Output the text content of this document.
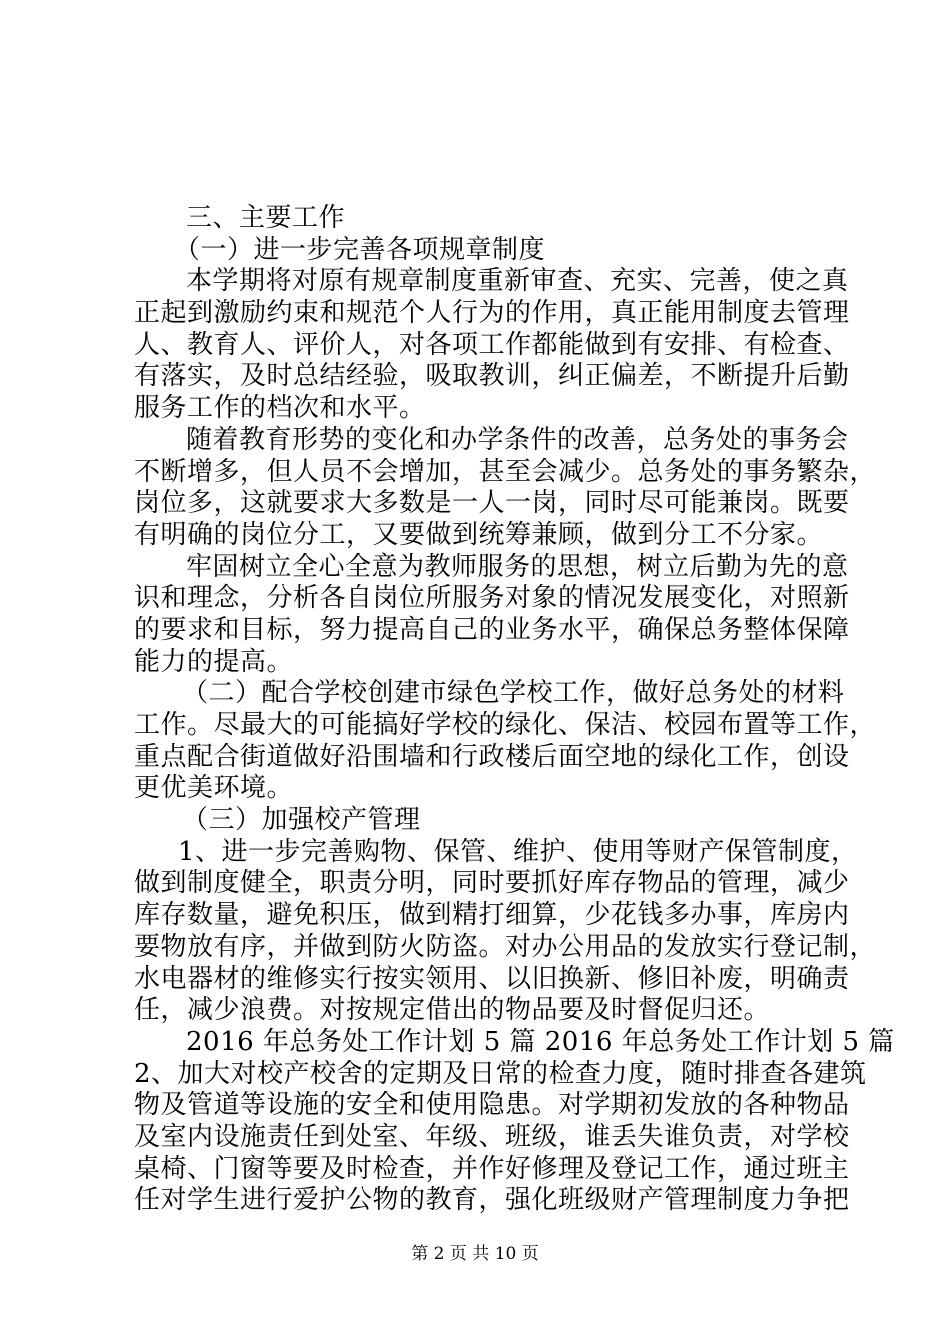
三、主要工作
（一）进一步完善各项规章制度
本学期将对原有规章制度重新审查、充实、完善，使之真
正起到激励约束和规范个人行为的作用，真正能用制度去管理
人、教育人、评价人，对各项工作都能做到有安排、有检查、
有落实，及时总结经验，吸取教训，纠正偏差，不断提升后勤
服务工作的档次和水平。
随着教育形势的变化和办学条件的改善，总务处的事务会
不断增多，但人员不会增加，甚至会减少。总务处的事务繁杂，
岗位多，这就要求大多数是一人一岗，同时尽可能兼岗。既要
有明确的岗位分工，又要做到统筹兼顾，做到分工不分家。
牢固树立全心全意为教师服务的思想，树立后勤为先的意
识和理念，分析各自岗位所服务对象的情况发展变化，对照新
的要求和目标，努力提高自己的业务水平，确保总务整体保障
能力的提高。
（二）配合学校创建市绿色学校工作，做好总务处的材料
工作。尽最大的可能搞好学校的绿化、保洁、校园布置等工作，
重点配合街道做好沿围墙和行政楼后面空地的绿化工作，创设
更优美环境。
（三）加强校产管理
1、进一步完善购物、保管、维护、使用等财产保管制度，
做到制度健全，职责分明，同时要抓好库存物品的管理，减少
库存数量，避免积压，做到精打细算，少花钱多办事，库房内
要物放有序，并做到防火防盗。对办公用品的发放实行登记制，
水电器材的维修实行按实领用、以旧换新、修旧补废，明确责
任，减少浪费。对按规定借出的物品要及时督促归还。
2016 年总务处工作计划 5 篇 2016 年总务处工作计划 5 篇
2、加大对校产校舍的定期及日常的检查力度，随时排查各建筑
物及管道等设施的安全和使用隐患。对学期初发放的各种物品
及室内设施责任到处室、年级、班级，谁丢失谁负责，对学校
桌椅、门窗等要及时检查，并作好修理及登记工作，通过班主
任对学生进行爱护公物的教育，强化班级财产管理制度力争把
第 2 页 共 10 页
